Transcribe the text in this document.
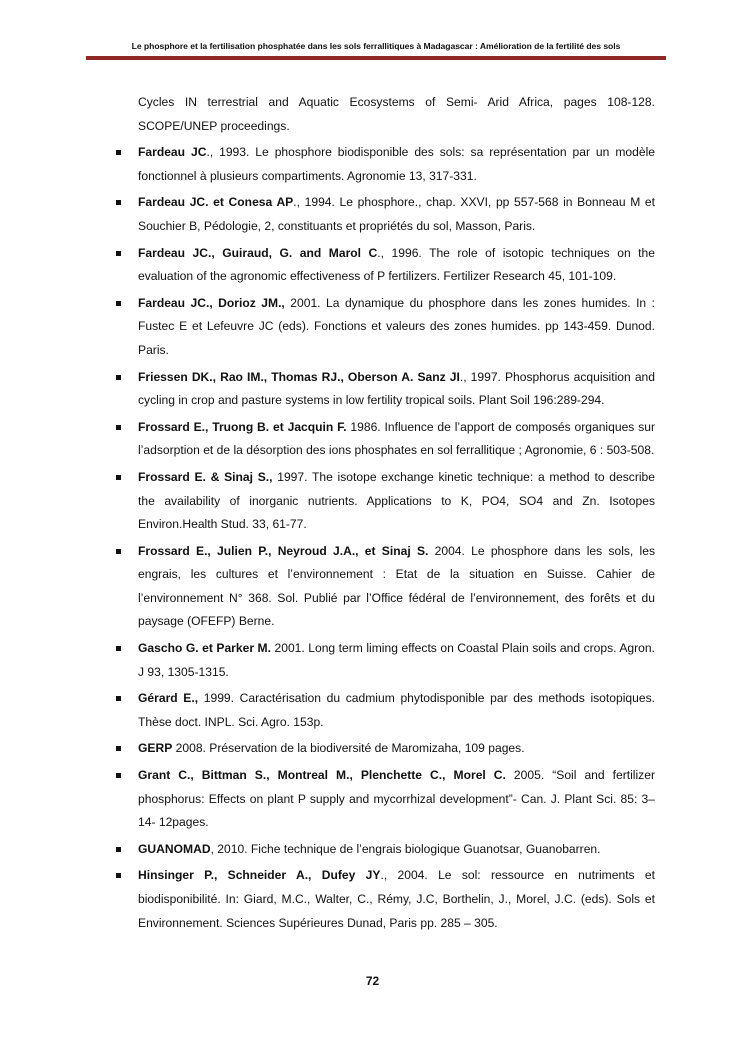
Le phosphore et la fertilisation phosphatée dans les sols ferrallitiques à Madagascar : Amélioration de la fertilité des sols

Cycles IN terrestrial and Aquatic Ecosystems of Semi- Arid Africa, pages 108-128. SCOPE/UNEP proceedings.

Fardeau JC., 1993. Le phosphore biodisponible des sols: sa représentation par un modèle fonctionnel à plusieurs compartiments. Agronomie 13, 317-331.
Fardeau JC. et Conesa AP., 1994. Le phosphore., chap. XXVI, pp 557-568 in Bonneau M et Souchier B, Pédologie, 2, constituants et propriétés du sol, Masson, Paris.
Fardeau JC., Guiraud, G. and Marol C., 1996. The role of isotopic techniques on the evaluation of the agronomic effectiveness of P fertilizers. Fertilizer Research 45, 101-109.
Fardeau JC., Dorioz JM., 2001. La dynamique du phosphore dans les zones humides. In : Fustec E et Lefeuvre JC (eds). Fonctions et valeurs des zones humides. pp 143-459. Dunod. Paris.
Friessen DK., Rao IM., Thomas RJ., Oberson A. Sanz JI., 1997. Phosphorus acquisition and cycling in crop and pasture systems in low fertility tropical soils. Plant Soil 196:289-294.
Frossard E., Truong B. et Jacquin F. 1986. Influence de l’apport de composés organiques sur l’adsorption et de la désorption des ions phosphates en sol ferrallitique ; Agronomie, 6 : 503-508.
Frossard E. & Sinaj S., 1997. The isotope exchange kinetic technique: a method to describe the availability of inorganic nutrients. Applications to K, PO4, SO4 and Zn. Isotopes Environ.Health Stud. 33, 61-77.
Frossard E., Julien P., Neyroud J.A., et Sinaj S. 2004. Le phosphore dans les sols, les engrais, les cultures et l’environnement : Etat de la situation en Suisse. Cahier de l’environnement N° 368. Sol. Publié par l’Office fédéral de l’environnement, des forêts et du paysage (OFEFP) Berne.
Gascho G. et Parker M. 2001. Long term liming effects on Coastal Plain soils and crops. Agron. J 93, 1305-1315.
Gérard E., 1999. Caractérisation du cadmium phytodisponible par des methods isotopiques. Thèse doct. INPL. Sci. Agro. 153p.
GERP 2008. Préservation de la biodiversité de Maromizaha, 109 pages.
Grant C., Bittman S., Montreal M., Plenchette C., Morel C. 2005. “Soil and fertilizer phosphorus: Effects on plant P supply and mycorrhizal development”- Can. J. Plant Sci. 85: 3–14- 12pages.
GUANOMAD, 2010. Fiche technique de l’engrais biologique Guanotsar, Guanobarren.
Hinsinger P., Schneider A., Dufey JY., 2004. Le sol: ressource en nutriments et biodisponibilité. In: Giard, M.C., Walter, C., Rémy, J.C, Borthelin, J., Morel, J.C. (eds). Sols et Environnement. Sciences Supérieures Dunad, Paris pp. 285 – 305.
72
